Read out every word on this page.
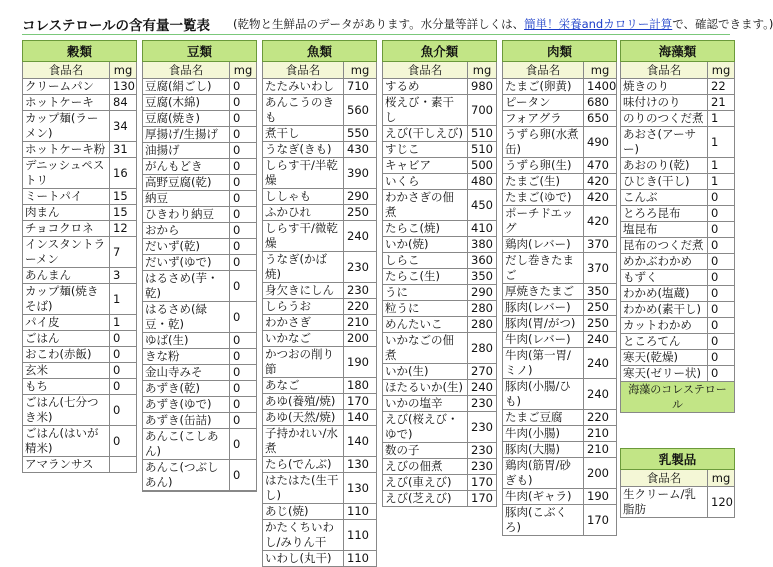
コレステロールの含有量一覧表 (乾物と生鮮品のデータがあります。水分量等詳しくは、簡単！栄養andカロリー計算で、確認できます。)
穀類	
食品名	mg
クリームパン	130
ホットケーキ	84
カップ麺(ラーメン)	34
ホットケーキ粉	31
デニッシュペストリ	16
ミートパイ	15
肉まん	15
チョコクロネ	12
インスタントラーメン	7
あんまん	3
カップ麺(焼きそば)	1
パイ皮	1
ごはん	0
おこわ(赤飯)	0
玄米	0
もち	0
ごはん(七分つき米)	0
ごはん(はいが精米)	0
アマランサス	
豆類	
食品名	mg
豆腐(絹ごし)	0
豆腐(木綿)	0
豆腐(焼き)	0
厚揚げ/生揚げ	0
油揚げ	0
がんもどき	0
高野豆腐(乾)	0
納豆	0
ひきわり納豆	0
おから	0
だいず(乾)	0
だいず(ゆで)	0
はるさめ(芋・乾)	0
はるさめ(緑豆・乾)	0
ゆば(生)	0
きな粉	0
金山寺みそ	0
あずき(乾)	0
あずき(ゆで)	0
あずき(缶詰)	0
あんこ(こしあん)	0
あんこ(つぶしあん)	0

魚類	
食品名	mg
たたみいわし	710
あんこうのきも	560
煮干し	550
うなぎ(きも)	430
しらす干/半乾燥	390
ししゃも	290
ふかひれ	250
しらす干/微乾燥	240
うなぎ(かば焼)	230
身欠きにしん	230
しらうお	220
わかさぎ	210
いかなご	200
かつおの削り節	190
あなご	180
あゆ(養殖/焼)	170
あゆ(天然/焼)	140
子持かれい/水煮	140
たら(でんぶ)	130
はたはた(生干し)	130
あじ(焼)	110
かたくちいわし/みりん干	110
いわし(丸干)	110
魚介類	
食品名	mg
するめ	980
桜えび・素干し	700
えび(干しえび)	510
すじこ	510
キャビア	500
いくら	480
わかさぎの佃煮	450
たらこ(焼)	410
いか(焼)	380
しらこ	360
たらこ(生)	350
うに	290
粒うに	280
めんたいこ	280
いかなごの佃煮	280
いか(生)	270
ほたるいか(生)	240
いかの塩辛	230
えび(桜えび・ゆで)	230
数の子	230
えびの佃煮	230
えび(車えび)	170
えび(芝えび)	170
肉類	
食品名	mg
たまご(卵黄)	1400
ピータン	680
フォアグラ	650
うずら卵(水煮缶)	490
うずら卵(生)	470
たまご(生)	420
たまご(ゆで)	420
ポーチドエッグ	420
鶏肉(レバー)	370
だし巻きたまご	370
厚焼きたまご	350
豚肉(レバー)	250
豚肉(胃/がつ)	250
牛肉(レバー)	240
牛肉(第一胃/ミノ)	240
豚肉(小腸/ひも)	240
たまご豆腐	220
牛肉(小腸)	210
豚肉(大腸)	210
鶏肉(筋胃/砂ぎも)	200
牛肉(ギャラ)	190
豚肉(こぶくろ)	170
海藻類	
食品名	mg
焼きのり	22
味付けのり	21
のりのつくだ煮	1
あおさ(アーサー)	1
あおのり(乾)	1
ひじき(干し)	1
こんぶ	0
とろろ昆布	0
塩昆布	0
昆布のつくだ煮	0
めかぶわかめ	0
もずく	0
わかめ(塩蔵)	0
わかめ(素干し)	0
カットわかめ	0
ところてん	0
寒天(乾燥)	0
寒天(ゼリー状)	0
海藻のコレステロール	
乳製品	
食品名	mg
生クリーム/乳脂肪	120
